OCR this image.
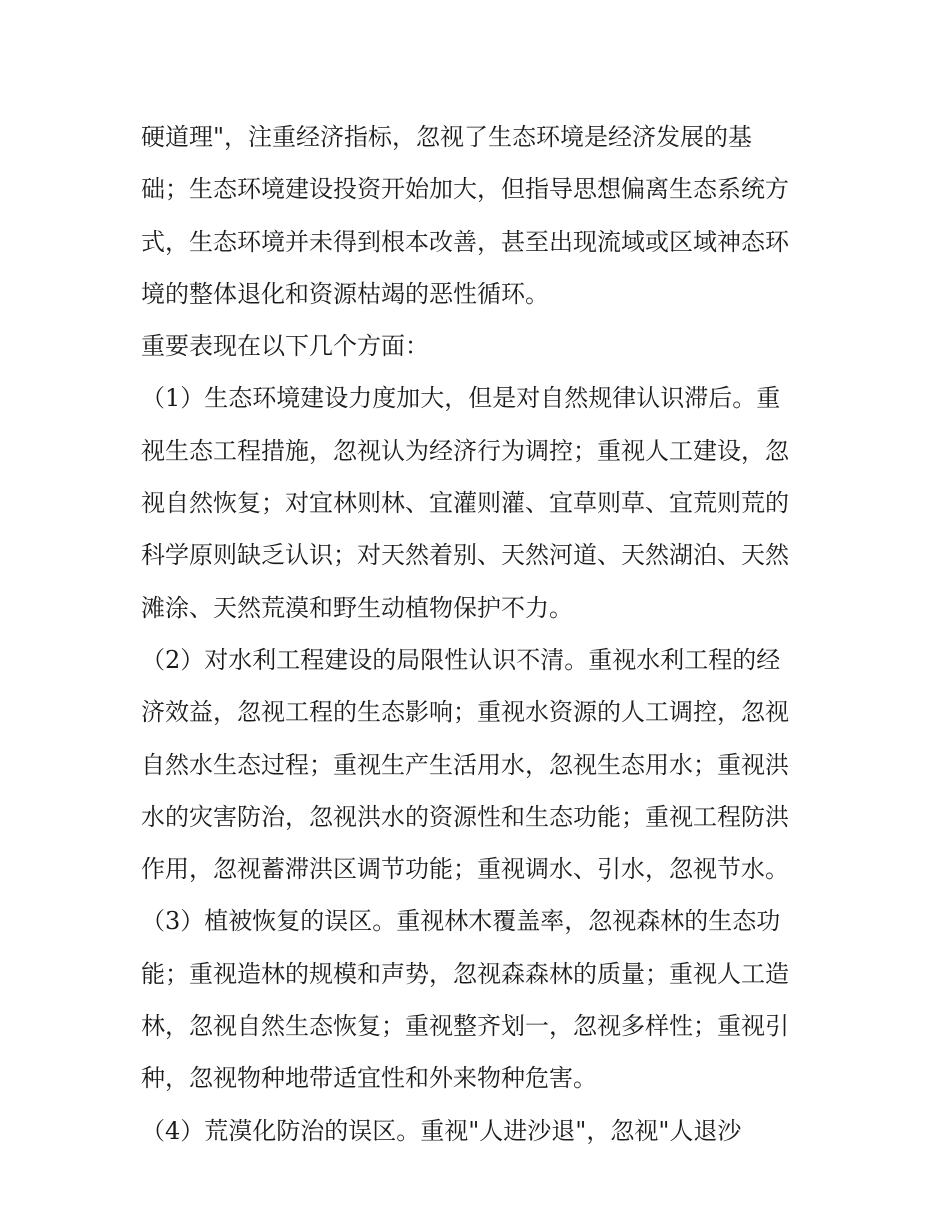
硬道理"，注重经济指标，忽视了生态环境是经济发展的基
础；生态环境建设投资开始加大，但指导思想偏离生态系统方
式，生态环境并未得到根本改善，甚至出现流域或区域神态环
境的整体退化和资源枯竭的恶性循环。
重要表现在以下几个方面：
（1）生态环境建设力度加大，但是对自然规律认识滞后。重
视生态工程措施，忽视认为经济行为调控；重视人工建设，忽
视自然恢复；对宜林则林、宜灌则灌、宜草则草、宜荒则荒的
科学原则缺乏认识；对天然着别、天然河道、天然湖泊、天然
滩涂、天然荒漠和野生动植物保护不力。
（2）对水利工程建设的局限性认识不清。重视水利工程的经
济效益，忽视工程的生态影响；重视水资源的人工调控，忽视
自然水生态过程；重视生产生活用水，忽视生态用水；重视洪
水的灾害防治，忽视洪水的资源性和生态功能；重视工程防洪
作用，忽视蓄滞洪区调节功能；重视调水、引水，忽视节水。
（3）植被恢复的误区。重视林木覆盖率，忽视森林的生态功
能；重视造林的规模和声势，忽视森森林的质量；重视人工造
林，忽视自然生态恢复；重视整齐划一，忽视多样性；重视引
种，忽视物种地带适宜性和外来物种危害。
（4）荒漠化防治的误区。重视"人进沙退"，忽视"人退沙
